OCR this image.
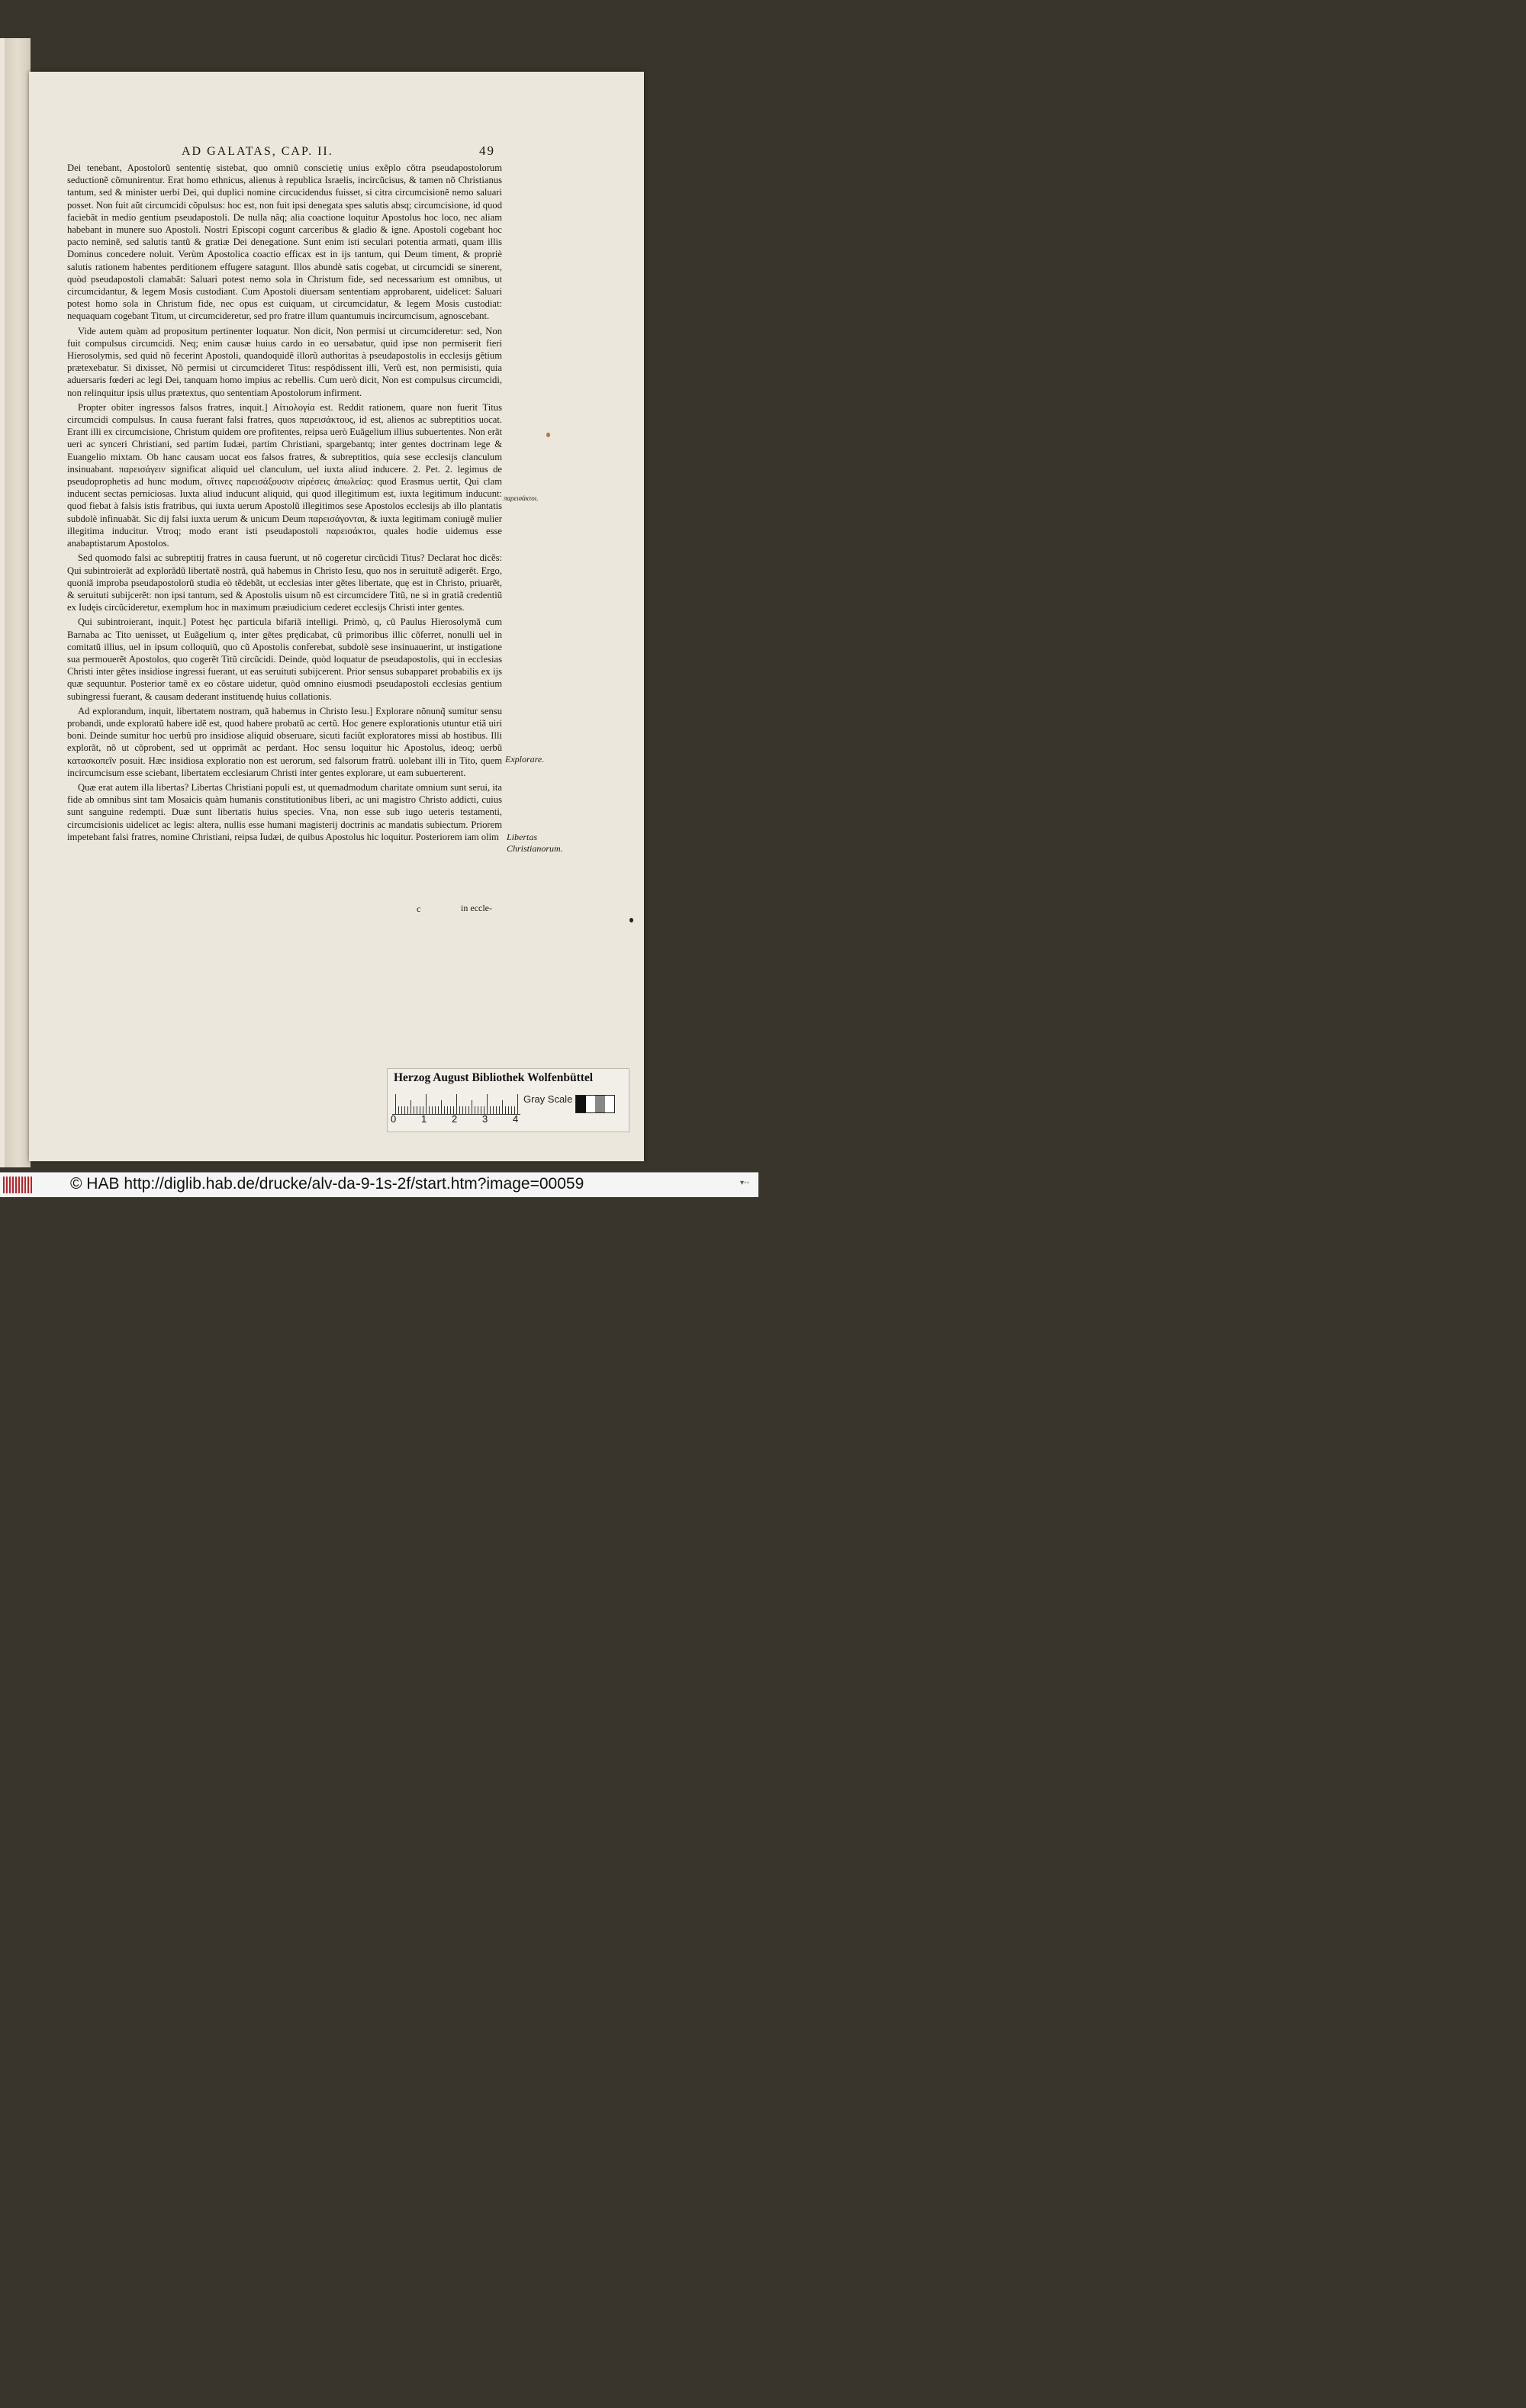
AD GALATAS, CAP. II.	49

Dei tenebant, Apostolorũ sententię sistebat, quo omniũ conscietię unius exẽplo cõtra pseudapostolorum seductionẽ cõmunirentur. Erat homo ethnicus, alienus à republica Israelis, incircũcisus, & tamen nõ Christianus tantum, sed & minister uerbi Dei, qui duplici nomine circucidendus fuisset, si citra circumcisionẽ nemo saluari posset. Non fuit aũt circumcidi cõpulsus: hoc est, non fuit ipsi denegata spes salutis absq; circumcisione, id quod faciebãt in medio gentium pseudapostoli. De nulla nãq; alia coactione loquitur Apostolus hoc loco, nec aliam habebant in munere suo Apostoli. Nostri Episcopi cogunt carceribus & gladio & igne. Apostoli cogebant hoc pacto neminẽ, sed salutis tantũ & gratiæ Dei denegatione. Sunt enim isti seculari potentia armati, quam illis Dominus concedere noluit. Verùm Apostolica coactio efficax est in ijs tantum, qui Deum timent, & propriè salutis rationem habentes perditionem effugere satagunt. Illos abundè satis cogebat, ut circumcidi se sinerent, quòd pseudapostoli clamabãt: Saluari potest nemo sola in Christum fide, sed necessarium est omnibus, ut circumcidantur, & legem Mosis custodiant. Cum Apostoli diuersam sententiam approbarent, uidelicet: Saluari potest homo sola in Christum fide, nec opus est cuiquam, ut circumcidatur, & legem Mosis custodiat: nequaquam cogebant Titum, ut circumcideretur, sed pro fratre illum quantumuis incircumcisum, agnoscebant.

Vide autem quàm ad propositum pertinenter loquatur. Non dicit, Non permisi ut circumcideretur: sed, Non fuit compulsus circumcidi. Neq; enim causæ huius cardo in eo uersabatur, quid ipse non permiserit fieri Hierosolymis, sed quid nõ fecerint Apostoli, quandoquidẽ illorũ authoritas à pseudapostolis in ecclesijs gẽtium prætexebatur. Si dixisset, Nõ permisi ut circumcideret Titus: respõdissent illi, Verũ est, non permisisti, quia aduersaris fœderi ac legi Dei, tanquam homo impius ac rebellis. Cum uerò dicit, Non est compulsus circumcidi, non relinquitur ipsis ullus prætextus, quo sententiam Apostolorum infirment.

Propter obiter ingressos falsos fratres, inquit.] Αἰτιολογία est. Reddit rationem, quare non fuerit Titus circumcidi compulsus. In causa fuerant falsi fratres, quos παρεισάκτους, id est, alienos ac subreptitios uocat. Erant illi ex circumcisione, Christum quidem ore profitentes, reipsa uerò Euãgelium illius subuertentes. Non erãt ueri ac synceri Christiani, sed partim Iudæi, partim Christiani, spargebantq; inter gentes doctrinam lege & Euangelio mixtam. Ob hanc causam uocat eos falsos fratres, & subreptitios, quia sese ecclesijs clanculum insinuabant. παρεισάγειν significat aliquid uel clanculum, uel iuxta aliud inducere. 2. Pet. 2. legimus de pseudoprophetis ad hunc modum, οἵτινες παρεισάξουσιν αἱρέσεις ἀπωλείας: quod Erasmus uertit, Qui clam inducent sectas perniciosas. Iuxta aliud inducunt aliquid, qui quod illegitimum est, iuxta legitimum inducunt: quod fiebat à falsis istis fratribus, qui iuxta uerum Apostolũ illegitimos sese Apostolos ecclesijs ab illo plantatis subdolè infinuabãt. Sic dij falsi iuxta uerum & unicum Deum παρεισάγονται, & iuxta legitimam coniugẽ mulier illegitima inducitur. Vtroq; modo erant isti pseudapostoli παρεισάκτοι, quales hodie uidemus esse anabaptistarum Apostolos.

Sed quomodo falsi ac subreptitij fratres in causa fuerunt, ut nõ cogeretur circũcidi Titus? Declarat hoc dicẽs: Qui subintroierãt ad explorãdũ libertatẽ nostrã, quã habemus in Christo Iesu, quo nos in seruitutẽ adigerẽt. Ergo, quoniã improba pseudapostolorũ studia eò tẽdebãt, ut ecclesias inter gẽtes libertate, quę est in Christo, priuarẽt, & seruituti subijcerẽt: non ipsi tantum, sed & Apostolis uisum nõ est circumcidere Titũ, ne si in gratiã credentiũ ex Iudęis circũcideretur, exemplum hoc in maximum præiudicium cederet ecclesijs Christi inter gentes.

Qui subintroierant, inquit.] Potest hęc particula bifariã intelligi. Primò, q, cũ Paulus Hierosolymã cum Barnaba ac Tito uenisset, ut Euãgelium q, inter gẽtes prędicabat, cũ primoribus illic cõferret, nonulli uel in comitatũ illius, uel in ipsum colloquiũ, quo cũ Apostolis conferebat, subdolè sese insinuauerint, ut instigatione sua permouerẽt Apostolos, quo cogerẽt Titũ circũcidi. Deinde, quòd loquatur de pseudapostolis, qui in ecclesias Christi inter gẽtes insidiose ingressi fuerant, ut eas seruituti subijcerent. Prior sensus subapparet probabilis ex ijs quæ sequuntur. Posterior tamẽ ex eo cõstare uidetur, quòd omnino eiusmodi pseudapostoli ecclesias gentium subingressi fuerant, & causam dederant instituendę huius collationis.

Ad explorandum, inquit, libertatem nostram, quã habemus in Christo Iesu.] Explorare nõnunq̃ sumitur sensu probandi, unde exploratũ habere idẽ est, quod habere probatũ ac certũ. Hoc genere explorationis utuntur etiã uiri boni. Deinde sumitur hoc uerbũ pro insidiose aliquid obseruare, sicuti faciũt exploratores missi ab hostibus. Illi explorãt, nõ ut cõprobent, sed ut opprimãt ac perdant. Hoc sensu loquitur hic Apostolus, ideoq; uerbũ κατασκοπεῖν posuit. Hæc insidiosa exploratio non est uerorum, sed falsorum fratrũ. uolebant illi in Tito, quem incircumcisum esse sciebant, libertatem ecclesiarum Christi inter gentes explorare, ut eam subuerterent.

Quæ erat autem illa libertas? Libertas Christiani populi est, ut quemadmodum charitate omnium sunt serui, ita fide ab omnibus sint tam Mosaicis quàm humanis constitutionibus liberi, ac uni magistro Christo addicti, cuius sunt sanguine redempti. Duæ sunt libertatis huius species. Vna, non esse sub iugo ueteris testamenti, circumcisionis uidelicet ac legis: altera, nullis esse humani magisterij doctrinis ac mandatis subiectum. Priorem impetebant falsi fratres, nomine Christiani, reipsa Iudæi, de quibus Apostolus hic loquitur. Posteriorem iam olim

c	in eccle-
παρεισάκτοι.
Explorare.
Libertas Christianorum.
Herzog August Bibliothek Wolfenbüttel
0	1	2	3	4
Gray Scale
© HAB http://diglib.hab.de/drucke/alv-da-9-1s-2f/start.htm?image=00059	▾◦◦
